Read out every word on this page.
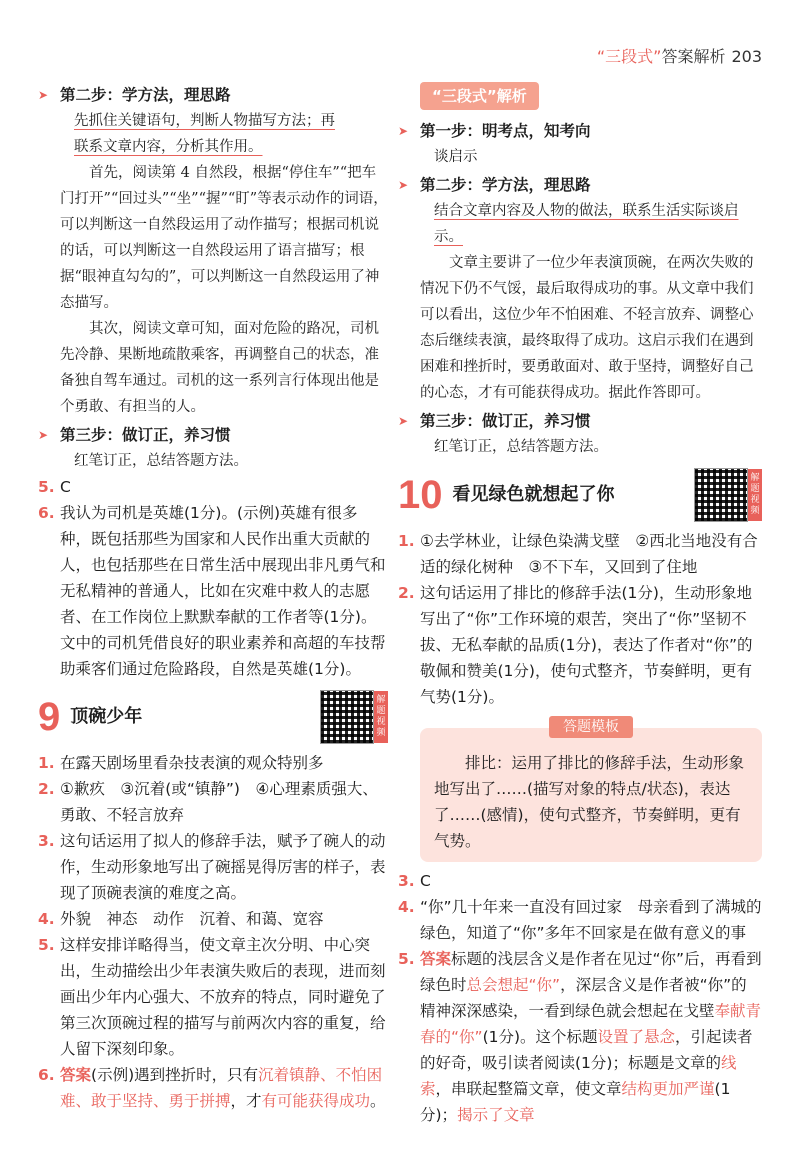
“三段式”答案解析 203
➤ 第二步：学方法，理思路

先抓住关键语句，判断人物描写方法；再

联系文章内容，分析其作用。

首先，阅读第 4 自然段，根据“停住车”“把车门打开”“回过头”“坐”“握”“盯”等表示动作的词语，可以判断这一自然段运用了动作描写；根据司机说的话，可以判断这一自然段运用了语言描写；根据“眼神直勾勾的”，可以判断这一自然段运用了神态描写。

其次，阅读文章可知，面对危险的路况，司机先冷静、果断地疏散乘客，再调整自己的状态，准备独自驾车通过。司机的这一系列言行体现出他是个勇敢、有担当的人。

➤ 第三步：做订正，养习惯

红笔订正，总结答题方法。

5. C
6. 我认为司机是英雄(1分)。(示例)英雄有很多种，既包括那些为国家和人民作出重大贡献的人，也包括那些在日常生活中展现出非凡勇气和无私精神的普通人，比如在灾难中救人的志愿者、在工作岗位上默默奉献的工作者等(1分)。文中的司机凭借良好的职业素养和高超的车技帮助乘客们通过危险路段，自然是英雄(1分)。
9 顶碗少年
解题视频
1. 在露天剧场里看杂技表演的观众特别多
2. ①歉疚　③沉着(或“镇静”)　④心理素质强大、勇敢、不轻言放弃
3. 这句话运用了拟人的修辞手法，赋予了碗人的动作，生动形象地写出了碗摇晃得厉害的样子，表现了顶碗表演的难度之高。
4. 外貌　神态　动作　沉着、和蔼、宽容
5. 这样安排详略得当，使文章主次分明、中心突出，生动描绘出少年表演失败后的表现，进而刻画出少年内心强大、不放弃的特点，同时避免了第三次顶碗过程的描写与前两次内容的重复，给人留下深刻印象。
6. 答案(示例)遇到挫折时，只有沉着镇静、不怕困难、敢于坚持、勇于拼搏，才有可能获得成功。
“三段式”解析
➤ 第一步：明考点，知考向

谈启示

➤ 第二步：学方法，理思路

结合文章内容及人物的做法，联系生活实际谈启示。

文章主要讲了一位少年表演顶碗，在两次失败的情况下仍不气馁，最后取得成功的事。从文章中我们可以看出，这位少年不怕困难、不轻言放弃、调整心态后继续表演，最终取得了成功。这启示我们在遇到困难和挫折时，要勇敢面对、敢于坚持，调整好自己的心态，才有可能获得成功。据此作答即可。

➤ 第三步：做订正，养习惯

红笔订正，总结答题方法。

10 看见绿色就想起了你
解题视频
1. ①去学林业，让绿色染满戈壁　②西北当地没有合适的绿化树种　③不下车，又回到了住地
2. 这句话运用了排比的修辞手法(1分)，生动形象地写出了“你”工作环境的艰苦，突出了“你”坚韧不拔、无私奉献的品质(1分)，表达了作者对“你”的敬佩和赞美(1分)，使句式整齐，节奏鲜明，更有气势(1分)。
答题模板

排比：运用了排比的修辞手法，生动形象地写出了……(描写对象的特点/状态)，表达了……(感情)，使句式整齐，节奏鲜明，更有气势。

3. C
4. “你”几十年来一直没有回过家　母亲看到了满城的绿色，知道了“你”多年不回家是在做有意义的事
5. 答案标题的浅层含义是作者在见过“你”后，再看到绿色时总会想起“你”，深层含义是作者被“你”的精神深深感染，一看到绿色就会想起在戈壁奉献青春的“你”(1分)。这个标题设置了悬念，引起读者的好奇，吸引读者阅读(1分)；标题是文章的线索，串联起整篇文章，使文章结构更加严谨(1分)；揭示了文章
